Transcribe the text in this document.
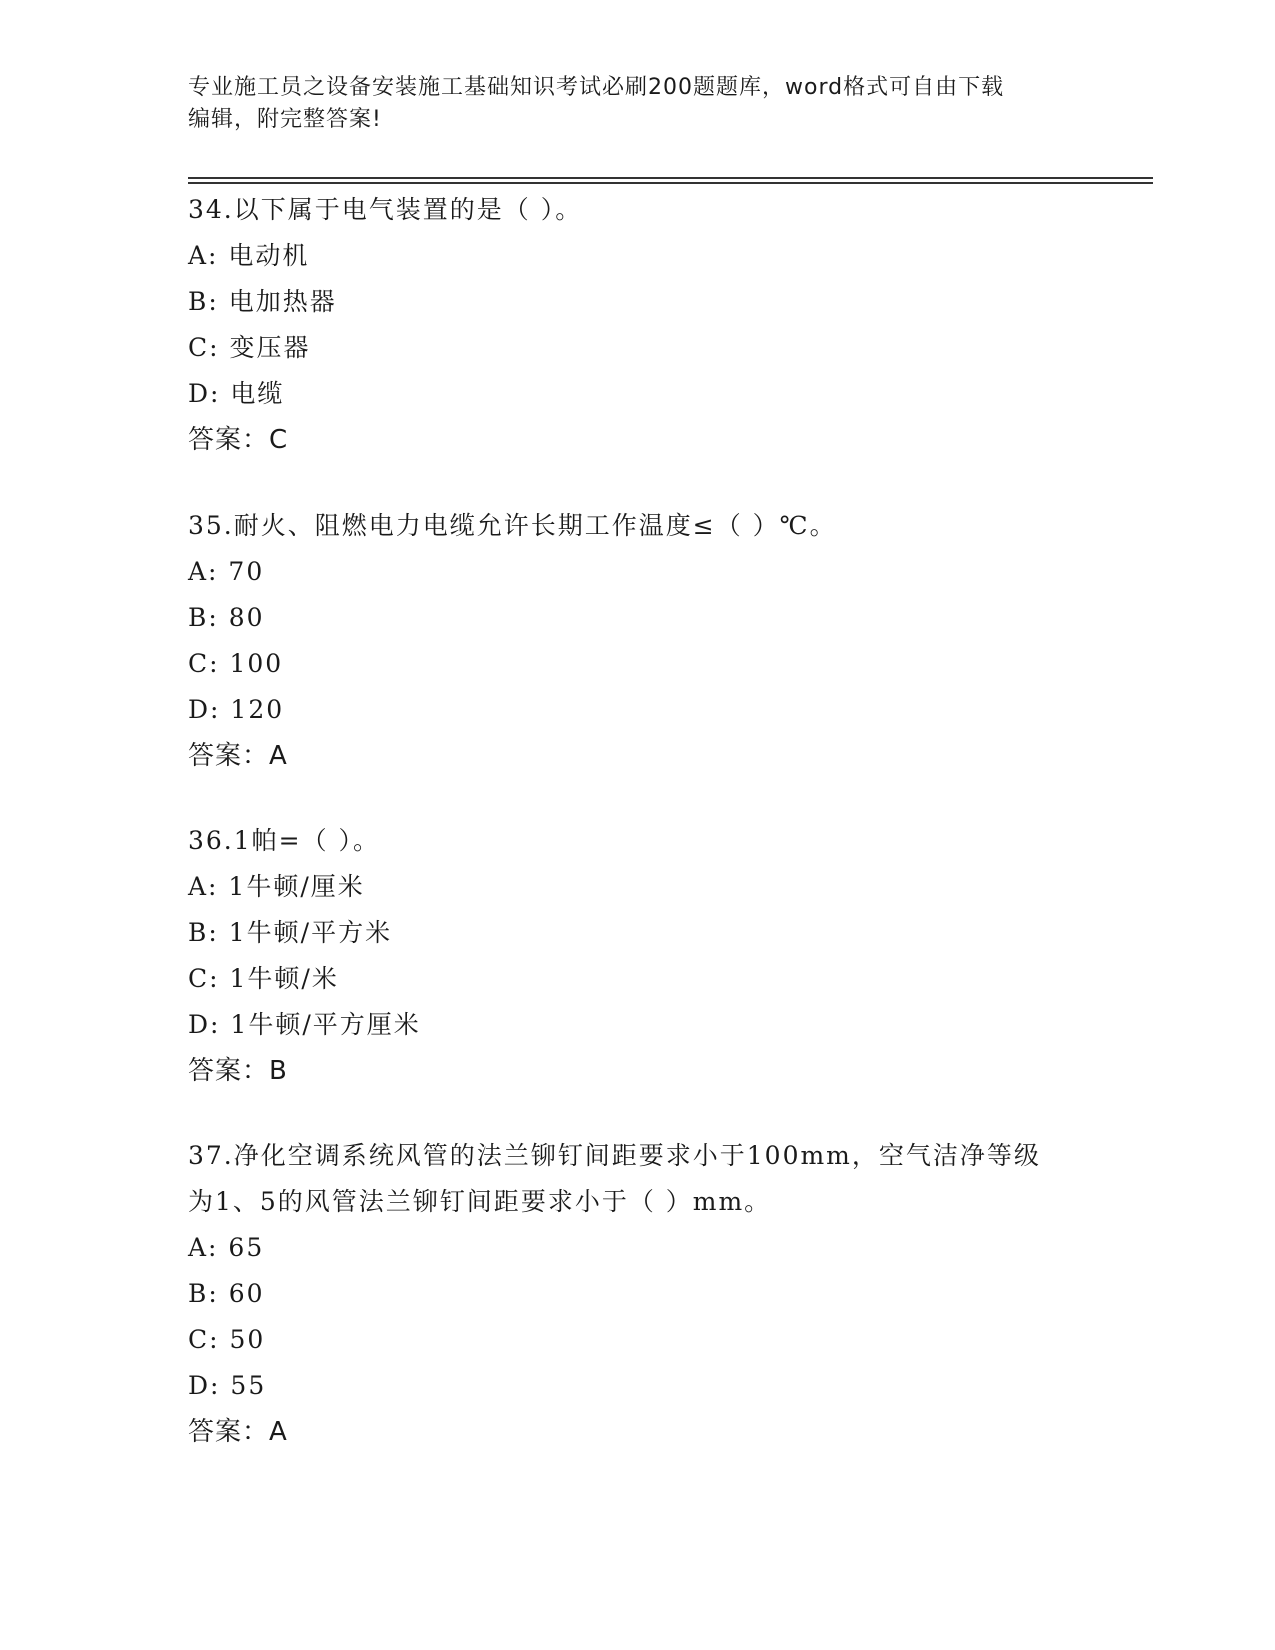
专业施工员之设备安装施工基础知识考试必刷200题题库，word格式可自由下载
编辑，附完整答案!
34.以下属于电气装置的是（ ）。
A: 电动机
B: 电加热器
C: 变压器
D: 电缆
答案：C
35.耐火、阻燃电力电缆允许长期工作温度≤（ ）℃。
A: 70
B: 80
C: 100
D: 120
答案：A
36.1帕=（ ）。
A: 1牛顿/厘米
B: 1牛顿/平方米
C: 1牛顿/米
D: 1牛顿/平方厘米
答案：B
37.净化空调系统风管的法兰铆钉间距要求小于100mm，空气洁净等级
为1、5的风管法兰铆钉间距要求小于（ ）mm。
A: 65
B: 60
C: 50
D: 55
答案：A
